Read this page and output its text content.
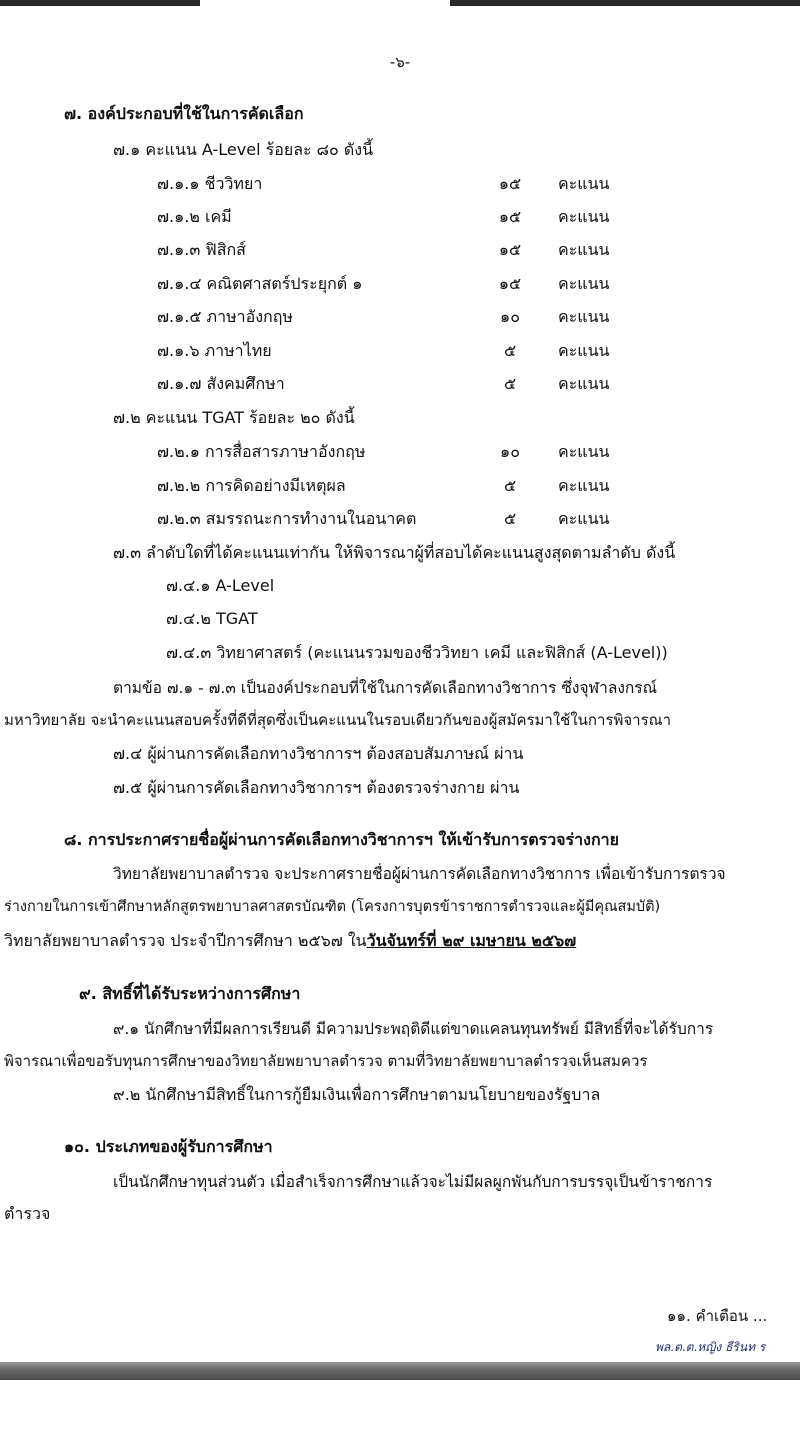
-๖-
๗. องค์ประกอบที่ใช้ในการคัดเลือก
๗.๑ คะแนน A-Level ร้อยละ ๘๐ ดังนี้
๗.๑.๑ ชีววิทยา	๑๕	คะแนน
๗.๑.๒ เคมี	๑๕	คะแนน
๗.๑.๓ ฟิสิกส์	๑๕	คะแนน
๗.๑.๔ คณิตศาสตร์ประยุกต์ ๑	๑๕	คะแนน
๗.๑.๕ ภาษาอังกฤษ	๑๐	คะแนน
๗.๑.๖ ภาษาไทย	๕	คะแนน
๗.๑.๗ สังคมศึกษา	๕	คะแนน
๗.๒ คะแนน TGAT ร้อยละ ๒๐ ดังนี้
๗.๒.๑ การสื่อสารภาษาอังกฤษ	๑๐	คะแนน
๗.๒.๒ การคิดอย่างมีเหตุผล	๕	คะแนน
๗.๒.๓ สมรรถนะการทำงานในอนาคต	๕	คะแนน
๗.๓ ลำดับใดที่ได้คะแนนเท่ากัน ให้พิจารณาผู้ที่สอบได้คะแนนสูงสุดตามลำดับ ดังนี้
๗.๔.๑ A-Level
๗.๔.๒ TGAT
๗.๔.๓ วิทยาศาสตร์ (คะแนนรวมของชีววิทยา เคมี และฟิสิกส์ (A-Level))
ตามข้อ ๗.๑ - ๗.๓ เป็นองค์ประกอบที่ใช้ในการคัดเลือกทางวิชาการ ซึ่งจุฬาลงกรณ์
มหาวิทยาลัย จะนำคะแนนสอบครั้งที่ดีที่สุดซึ่งเป็นคะแนนในรอบเดียวกันของผู้สมัครมาใช้ในการพิจารณา
๗.๔ ผู้ผ่านการคัดเลือกทางวิชาการฯ ต้องสอบสัมภาษณ์ ผ่าน
๗.๕ ผู้ผ่านการคัดเลือกทางวิชาการฯ ต้องตรวจร่างกาย ผ่าน
๘. การประกาศรายชื่อผู้ผ่านการคัดเลือกทางวิชาการฯ ให้เข้ารับการตรวจร่างกาย
วิทยาลัยพยาบาลตำรวจ จะประกาศรายชื่อผู้ผ่านการคัดเลือกทางวิชาการ เพื่อเข้ารับการตรวจ
ร่างกายในการเข้าศึกษาหลักสูตรพยาบาลศาสตรบัณฑิต (โครงการบุตรข้าราชการตำรวจและผู้มีคุณสมบัติ)
วิทยาลัยพยาบาลตำรวจ ประจำปีการศึกษา ๒๕๖๗ ในวันจันทร์ที่ ๒๙ เมษายน ๒๕๖๗
๙. สิทธิ์ที่ได้รับระหว่างการศึกษา
๙.๑ นักศึกษาที่มีผลการเรียนดี มีความประพฤติดีแต่ขาดแคลนทุนทรัพย์ มีสิทธิ์ที่จะได้รับการ
พิจารณาเพื่อขอรับทุนการศึกษาของวิทยาลัยพยาบาลตำรวจ ตามที่วิทยาลัยพยาบาลตำรวจเห็นสมควร
๙.๒ นักศึกษามีสิทธิ์ในการกู้ยืมเงินเพื่อการศึกษาตามนโยบายของรัฐบาล
๑๐. ประเภทของผู้รับการศึกษา
เป็นนักศึกษาทุนส่วนตัว เมื่อสำเร็จการศึกษาแล้วจะไม่มีผลผูกพันกับการบรรจุเป็นข้าราชการ
ตำรวจ
๑๑. คำเตือน ...
พล.ต.ต.หญิง ธีรินท ร
